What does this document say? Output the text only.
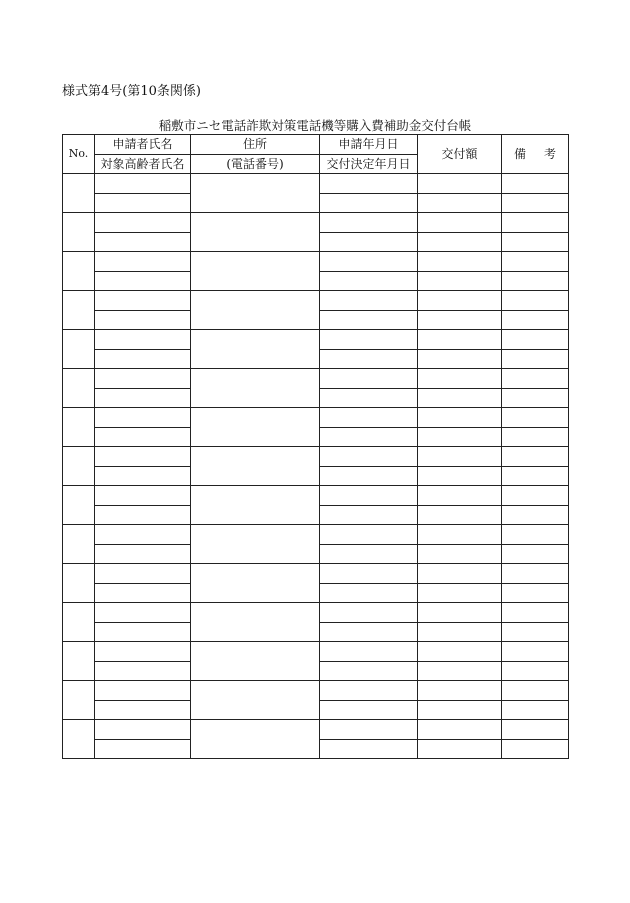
様式第4号(第10条関係)
稲敷市ニセ電話詐欺対策電話機等購入費補助金交付台帳
No.	申請者氏名	住所	申請年月日	交付額	備 考
	対象高齢者氏名	(電話番号)	交付決定年月日		
